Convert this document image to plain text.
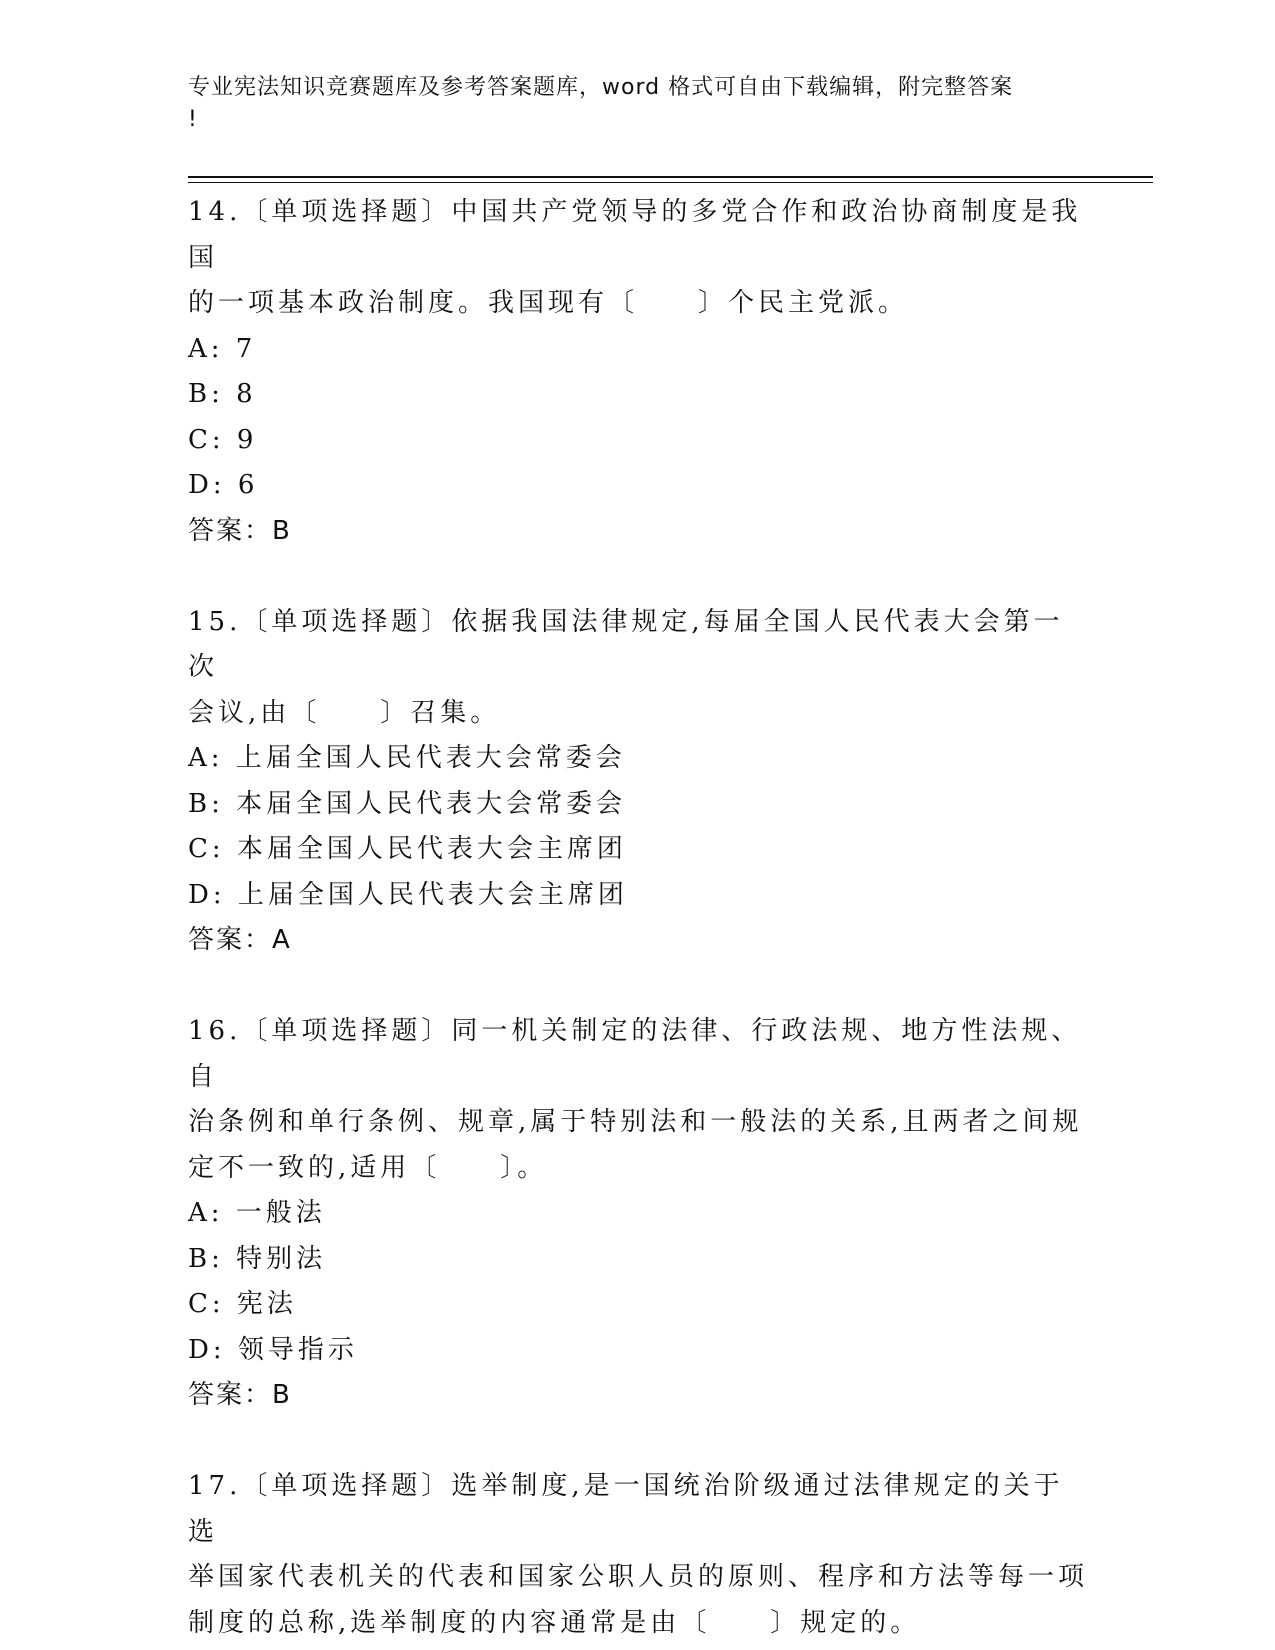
专业宪法知识竞赛题库及参考答案题库，word 格式可自由下载编辑，附完整答案
!

14.〔单项选择题〕中国共产党领导的多党合作和政治协商制度是我国

的一项基本政治制度。我国现有〔　　〕个民主党派。

A: 7

B: 8

C: 9

D: 6

答案：B

15.〔单项选择题〕依据我国法律规定,每届全国人民代表大会第一次

会议,由〔　　〕召集。

A: 上届全国人民代表大会常委会

B: 本届全国人民代表大会常委会

C: 本届全国人民代表大会主席团

D: 上届全国人民代表大会主席团

答案：A

16.〔单项选择题〕同一机关制定的法律、行政法规、地方性法规、自

治条例和单行条例、规章,属于特别法和一般法的关系,且两者之间规

定不一致的,适用〔　　〕。

A: 一般法

B: 特别法

C: 宪法

D: 领导指示

答案：B

17.〔单项选择题〕选举制度,是一国统治阶级通过法律规定的关于选

举国家代表机关的代表和国家公职人员的原则、程序和方法等每一项

制度的总称,选举制度的内容通常是由〔　　〕规定的。
